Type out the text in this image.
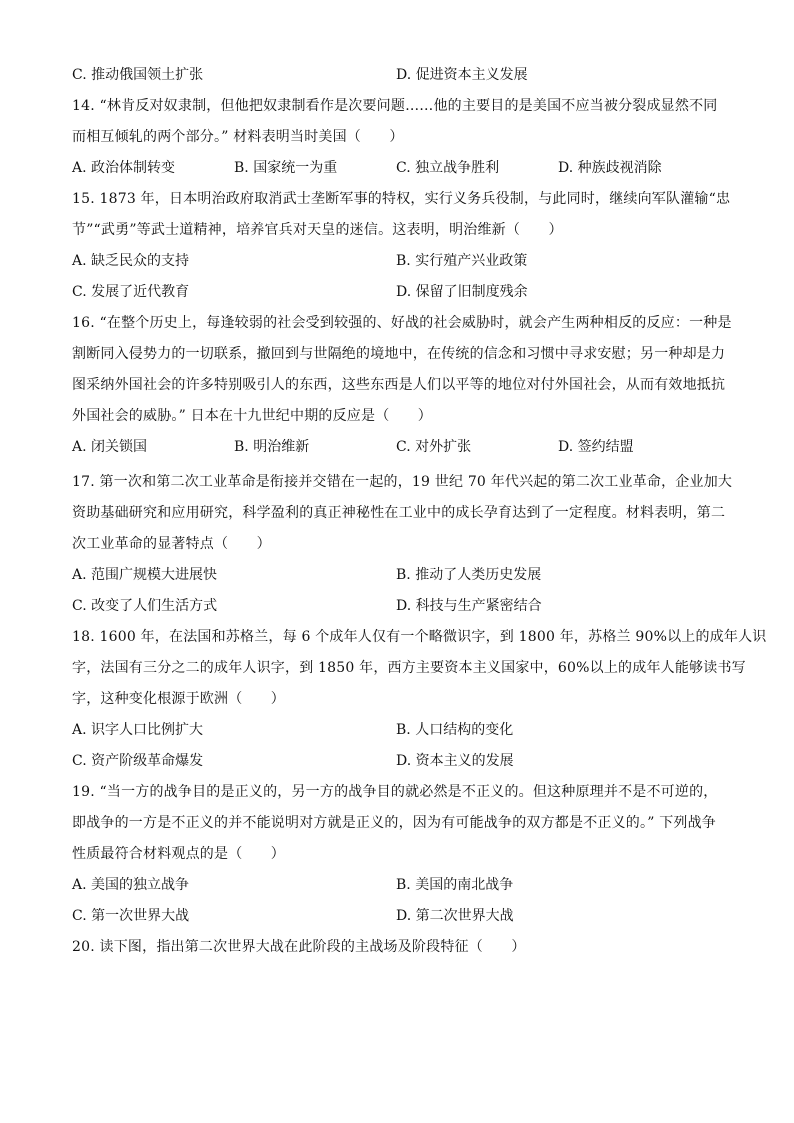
C. 推动俄国领土扩张	D. 促进资本主义发展
14. “林肯反对奴隶制，但他把奴隶制看作是次要问题……他的主要目的是美国不应当被分裂成显然不同
而相互倾轧的两个部分。” 材料表明当时美国（　　）
A. 政治体制转变	B. 国家统一为重	C. 独立战争胜利	D. 种族歧视消除
15. 1873 年，日本明治政府取消武士垄断军事的特权，实行义务兵役制，与此同时，继续向军队灌输“忠
节”“武勇”等武士道精神，培养官兵对天皇的迷信。这表明，明治维新（　　）
A. 缺乏民众的支持	B. 实行殖产兴业政策
C. 发展了近代教育	D. 保留了旧制度残余
16. “在整个历史上，每逢较弱的社会受到较强的、好战的社会威胁时，就会产生两种相反的反应：一种是
割断同入侵势力的一切联系，撤回到与世隔绝的境地中，在传统的信念和习惯中寻求安慰；另一种却是力
图采纳外国社会的许多特别吸引人的东西，这些东西是人们以平等的地位对付外国社会，从而有效地抵抗
外国社会的威胁。” 日本在十九世纪中期的反应是（　　）
A. 闭关锁国	B. 明治维新	C. 对外扩张	D. 签约结盟
17. 第一次和第二次工业革命是衔接并交错在一起的，19 世纪 70 年代兴起的第二次工业革命，企业加大
资助基础研究和应用研究，科学盈利的真正神秘性在工业中的成长孕育达到了一定程度。材料表明，第二
次工业革命的显著特点（　　）
A. 范围广规模大进展快	B. 推动了人类历史发展
C. 改变了人们生活方式	D. 科技与生产紧密结合
18. 1600 年，在法国和苏格兰，每 6 个成年人仅有一个略微识字，到 1800 年，苏格兰 90%以上的成年人识
字，法国有三分之二的成年人识字，到 1850 年，西方主要资本主义国家中，60%以上的成年人能够读书写
字，这种变化根源于欧洲（　　）
A. 识字人口比例扩大	B. 人口结构的变化
C. 资产阶级革命爆发	D. 资本主义的发展
19. “当一方的战争目的是正义的，另一方的战争目的就必然是不正义的。但这种原理并不是不可逆的，
即战争的一方是不正义的并不能说明对方就是正义的，因为有可能战争的双方都是不正义的。” 下列战争
性质最符合材料观点的是（　　）
A. 美国的独立战争	B. 美国的南北战争
C. 第一次世界大战	D. 第二次世界大战
20. 读下图，指出第二次世界大战在此阶段的主战场及阶段特征（　　）
